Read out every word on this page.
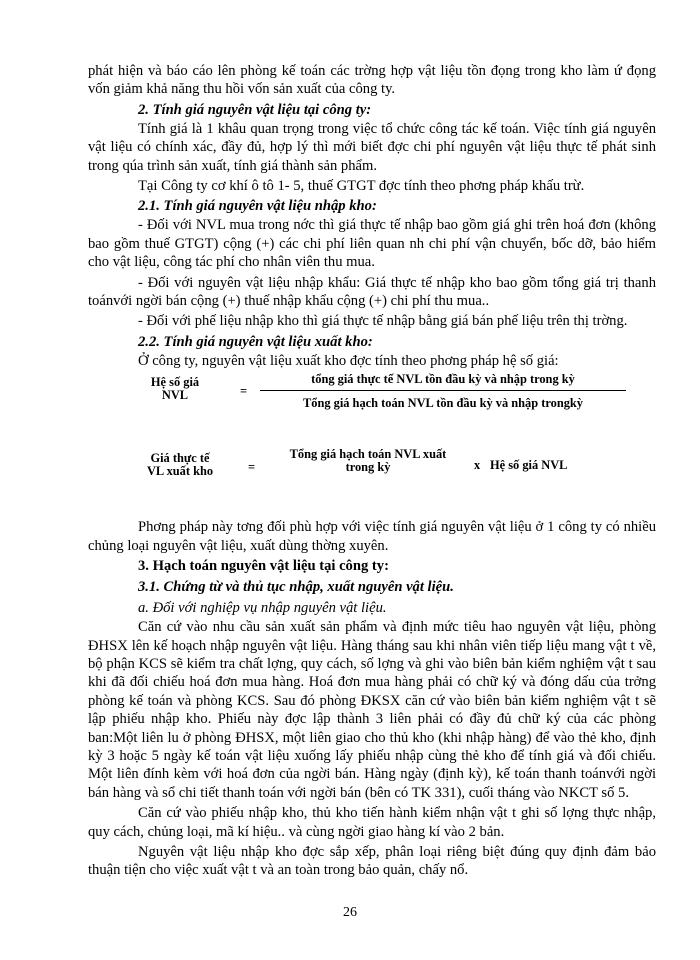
phát hiện và báo cáo lên phòng kế toán các trờng hợp vật liệu tồn đọng trong kho làm ứ đọng vốn giảm khả năng thu hồi vốn sản xuất của công ty.

2. Tính giá nguyên vật liệu tại công ty:

Tính giá là 1 khâu quan trọng trong việc tổ chức công tác kế toán. Việc tính giá nguyên vật liệu có chính xác, đầy đủ, hợp lý thì mới biết đợc chi phí nguyên vật liệu thực tế phát sinh trong qúa trình sản xuất, tính giá thành sản phẩm.

Tại Công ty cơ khí ô tô 1- 5, thuế GTGT đợc tính theo phơng pháp khấu trừ.

2.1. Tính giá nguyên vật liệu nhập kho:

- Đối với NVL mua trong nớc thì giá thực tế nhập bao gồm giá ghi trên hoá đơn (không bao gồm thuế GTGT) cộng (+) các chi phí liên quan nh chi phí vận chuyển, bốc dỡ, bảo hiểm cho vật liệu, công tác phí cho nhân viên thu mua.

- Đối với nguyên vật liệu nhập khẩu: Giá thực tế nhập kho bao gồm tổng giá trị thanh toánvới ngời bán cộng (+) thuế nhập khẩu cộng (+) chi phí thu mua..

- Đối với phế liệu nhập kho thì giá thực tế nhập bằng giá bán phế liệu trên thị trờng.

2.2. Tính giá nguyên vật liệu xuất kho:

Ở công ty, nguyên vật liệu xuất kho đợc tính theo phơng pháp hệ số giá:

Hệ số giá
NVL	=
tổng giá thực tế NVL tồn đầu kỳ và nhập trong kỳ
Tổng giá hạch toán NVL tồn đầu kỳ và nhập trongkỳ
Giá thực tế
VL xuất kho	=
Tổng giá hạch toán NVL xuất
trong kỳ	x Hệ số giá NVL

Phơng pháp này tơng đối phù hợp với việc tính giá nguyên vật liệu ở 1 công ty có nhiều chủng loại nguyên vật liệu, xuất dùng thờng xuyên.

3. Hạch toán nguyên vật liệu tại công ty:
3.1. Chứng từ và thủ tục nhập, xuất nguyên vật liệu.
a. Đối với nghiệp vụ nhập nguyên vật liệu.

Căn cứ vào nhu cầu sản xuất sản phẩm và định mức tiêu hao nguyên vật liệu, phòng ĐHSX lên kế hoạch nhập nguyên vật liệu. Hàng tháng sau khi nhân viên tiếp liệu mang vật t về, bộ phận KCS sẽ kiểm tra chất lợng, quy cách, số lợng và ghi vào biên bản kiểm nghiệm vật t sau khi đã đối chiếu hoá đơn mua hàng. Hoá đơn mua hàng phải có chữ ký và đóng dấu của trởng phòng kế toán và phòng KCS. Sau đó phòng ĐKSX căn cứ vào biên bản kiểm nghiệm vật t sẽ lập phiếu nhập kho. Phiếu này đợc lập thành 3 liên phải có đầy đủ chữ ký của các phòng ban:Một liên lu ở phòng ĐHSX, một liên giao cho thủ kho (khi nhập hàng) để vào thẻ kho, định kỳ 3 hoặc 5 ngày kế toán vật liệu xuống lấy phiếu nhập cùng thẻ kho để tính giá và đối chiếu. Một liên đính kèm với hoá đơn của ngời bán. Hàng ngày (định kỳ), kế toán thanh toánvới ngời bán hàng và sổ chi tiết thanh toán với ngời bán (bên có TK 331), cuối tháng vào NKCT số 5.

Căn cứ vào phiếu nhập kho, thủ kho tiến hành kiểm nhận vật t ghi số lợng thực nhập, quy cách, chủng loại, mã kí hiệu.. và cùng ngời giao hàng kí vào 2 bản.

Nguyên vật liệu nhập kho đợc sắp xếp, phân loại riêng biệt đúng quy định đảm bảo thuận tiện cho việc xuất vật t và an toàn trong bảo quản, chấy nổ.

26
